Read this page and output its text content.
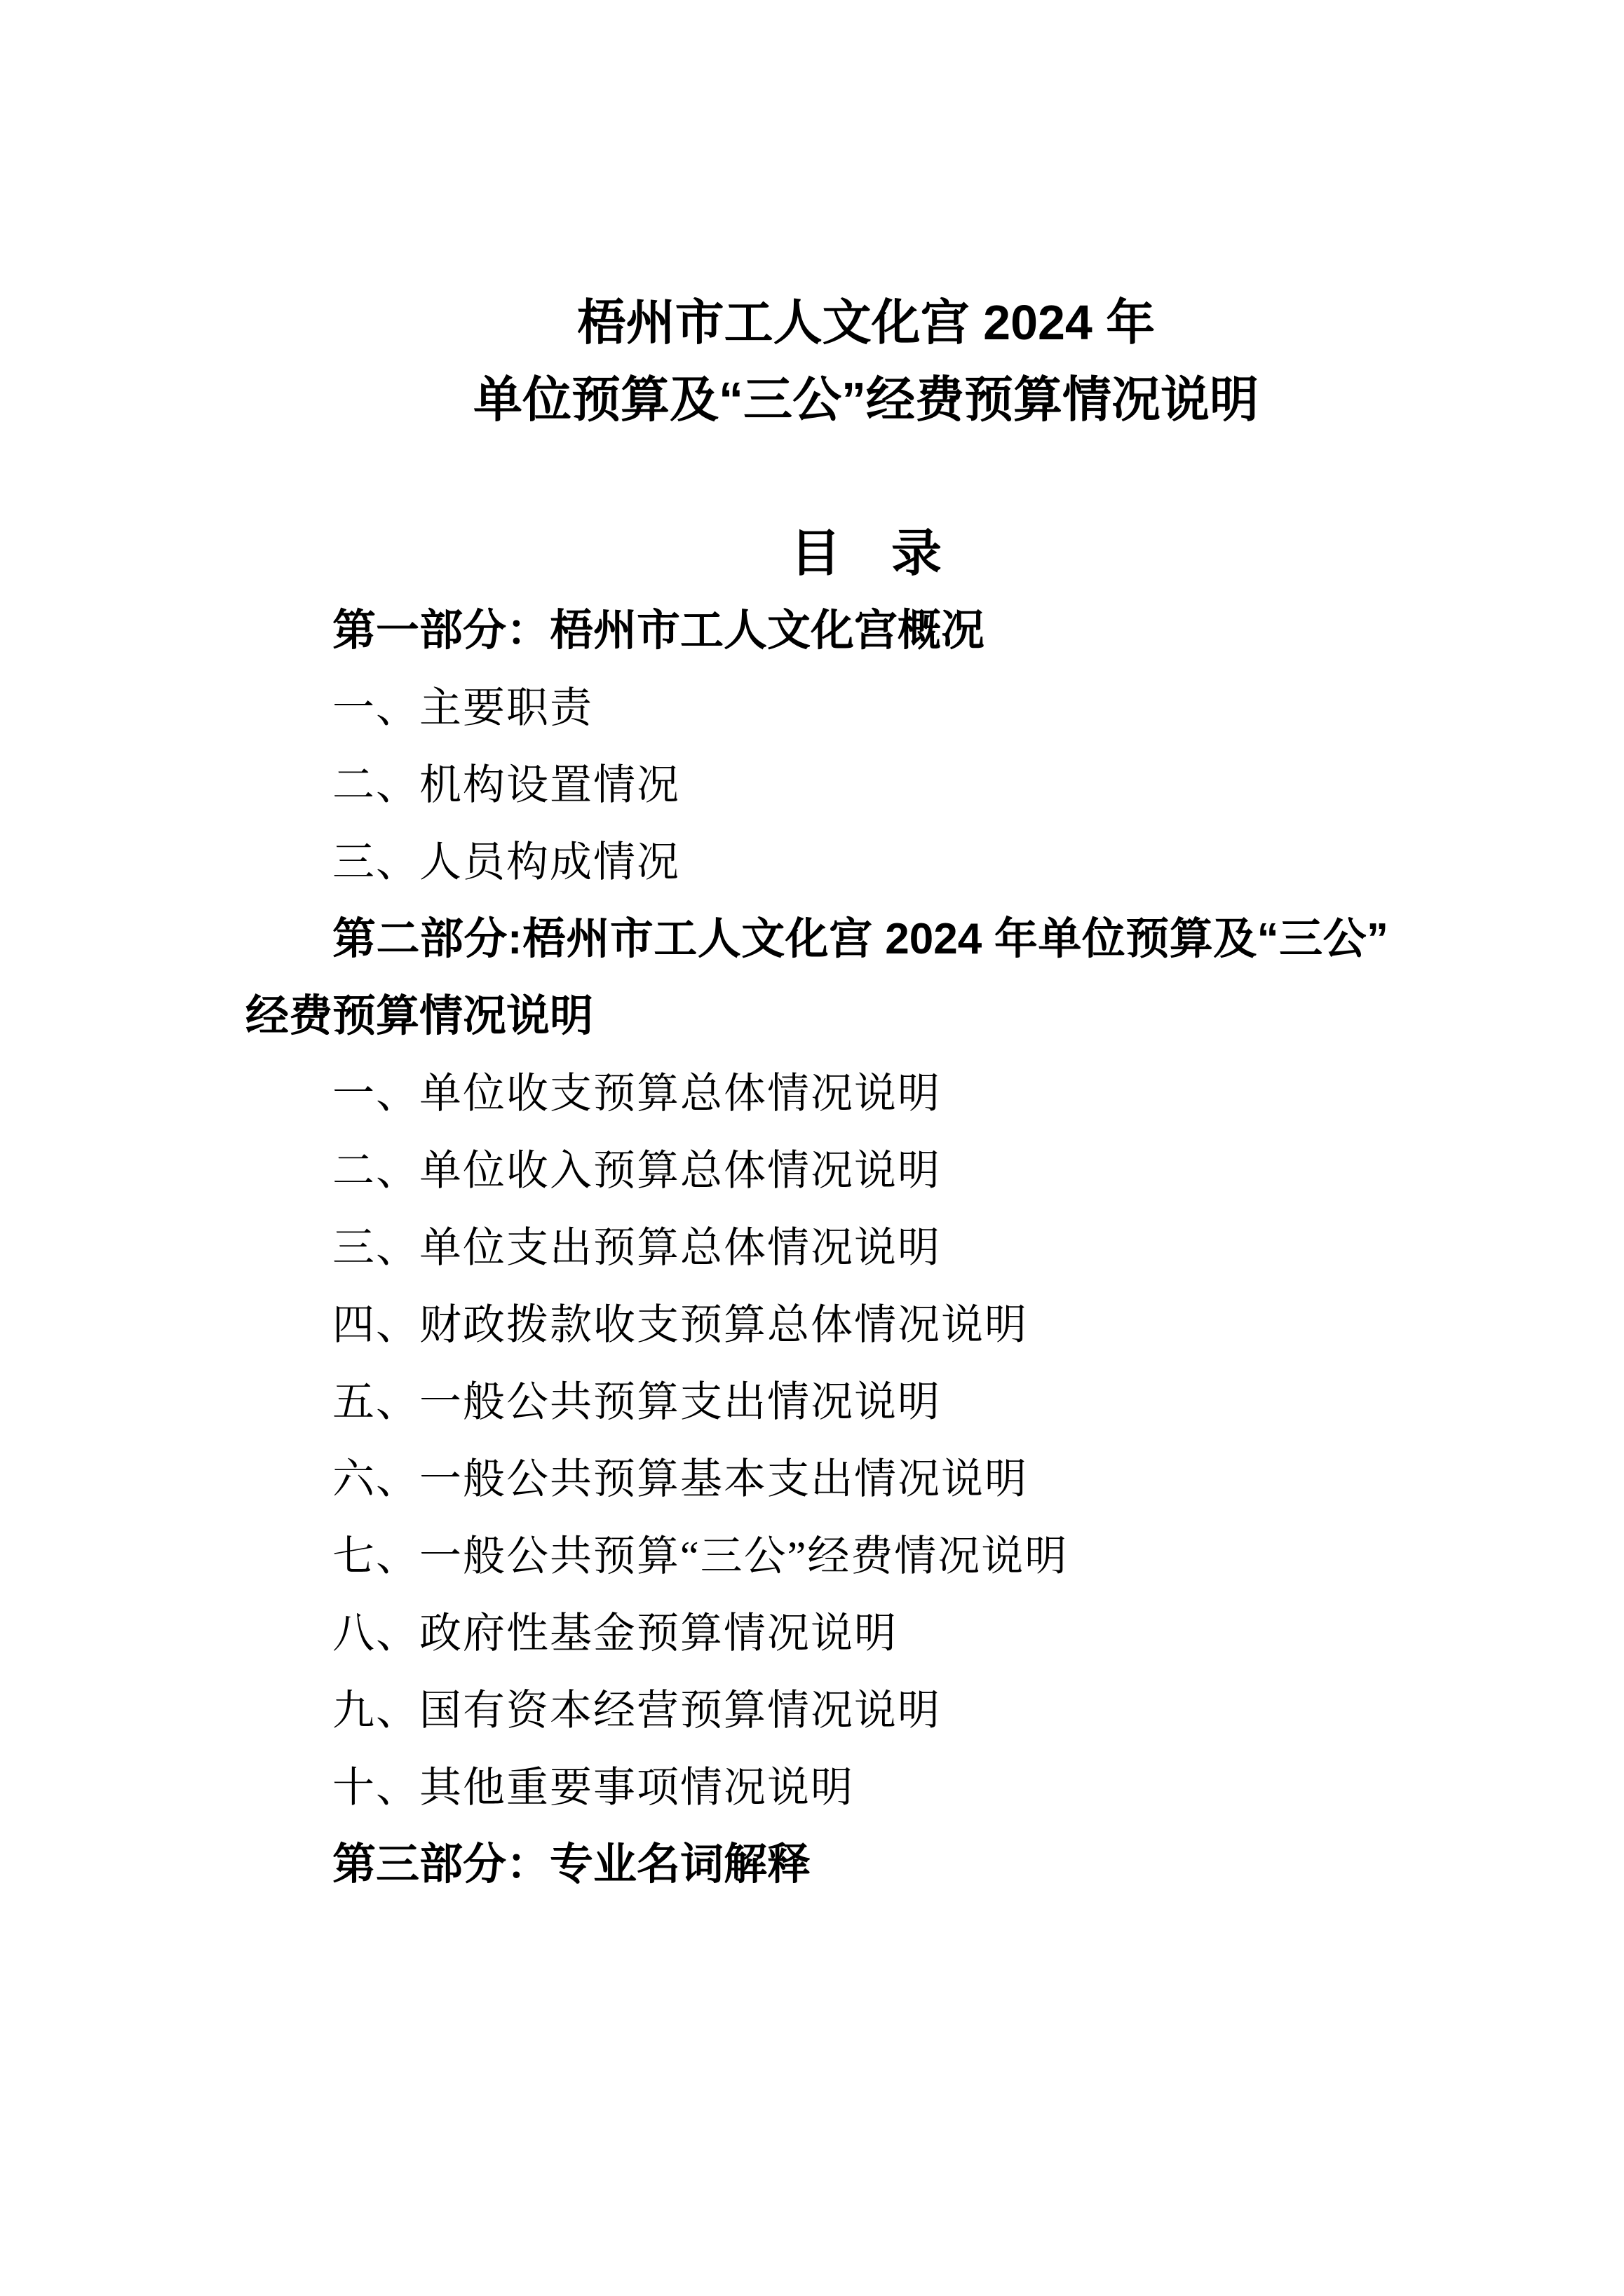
梧州市工人文化宫 2024 年
单位预算及“三公”经费预算情况说明
目　录
第一部分：梧州市工人文化宫概况
一、主要职责
二、机构设置情况
三、人员构成情况
第二部分:梧州市工人文化宫 2024 年单位预算及“三公”
经费预算情况说明
一、单位收支预算总体情况说明
二、单位收入预算总体情况说明
三、单位支出预算总体情况说明
四、财政拨款收支预算总体情况说明
五、一般公共预算支出情况说明
六、一般公共预算基本支出情况说明
七、一般公共预算“三公”经费情况说明
八、政府性基金预算情况说明
九、国有资本经营预算情况说明
十、其他重要事项情况说明
第三部分：专业名词解释
